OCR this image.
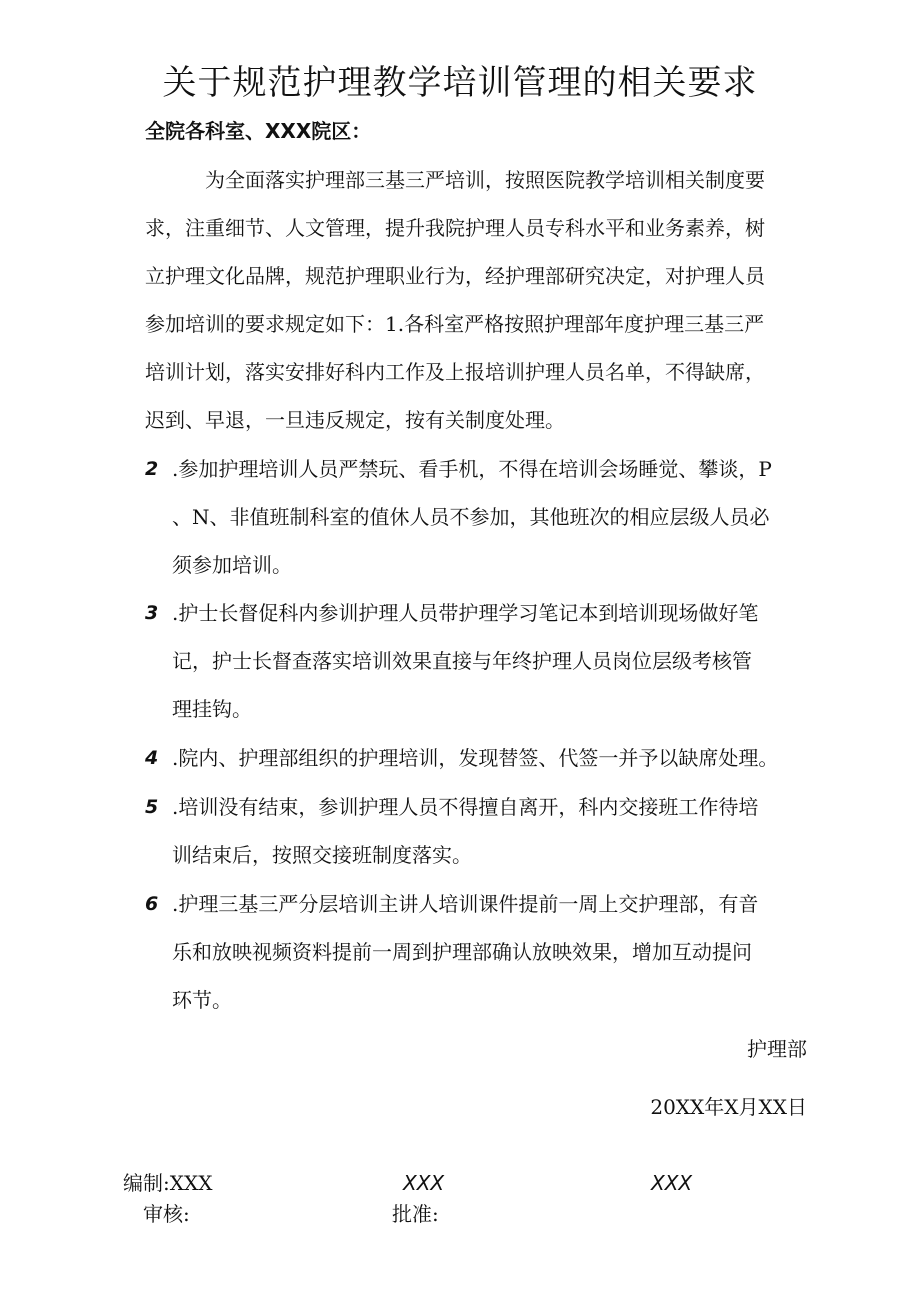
关于规范护理教学培训管理的相关要求
全院各科室、XXX院区：
为全面落实护理部三基三严培训，按照医院教学培训相关制度要
求，注重细节、人文管理，提升我院护理人员专科水平和业务素养，树
立护理文化品牌，规范护理职业行为，经护理部研究决定，对护理人员
参加培训的要求规定如下：1.各科室严格按照护理部年度护理三基三严
培训计划，落实安排好科内工作及上报培训护理人员名单，不得缺席，
迟到、早退，一旦违反规定，按有关制度处理。
2 .参加护理培训人员严禁玩、看手机，不得在培训会场睡觉、攀谈，P
、N、非值班制科室的值休人员不参加，其他班次的相应层级人员必
须参加培训。
3 .护士长督促科内参训护理人员带护理学习笔记本到培训现场做好笔
记，护士长督查落实培训效果直接与年终护理人员岗位层级考核管
理挂钩。
4 .院内、护理部组织的护理培训，发现替签、代签一并予以缺席处理。
5 .培训没有结束，参训护理人员不得擅自离开，科内交接班工作待培
训结束后，按照交接班制度落实。
6 .护理三基三严分层培训主讲人培训课件提前一周上交护理部，有音
乐和放映视频资料提前一周到护理部确认放映效果，增加互动提问
环节。
护理部
20XX年X月XX日
编制:XXX	XXX	XXX
审核:	批准:
